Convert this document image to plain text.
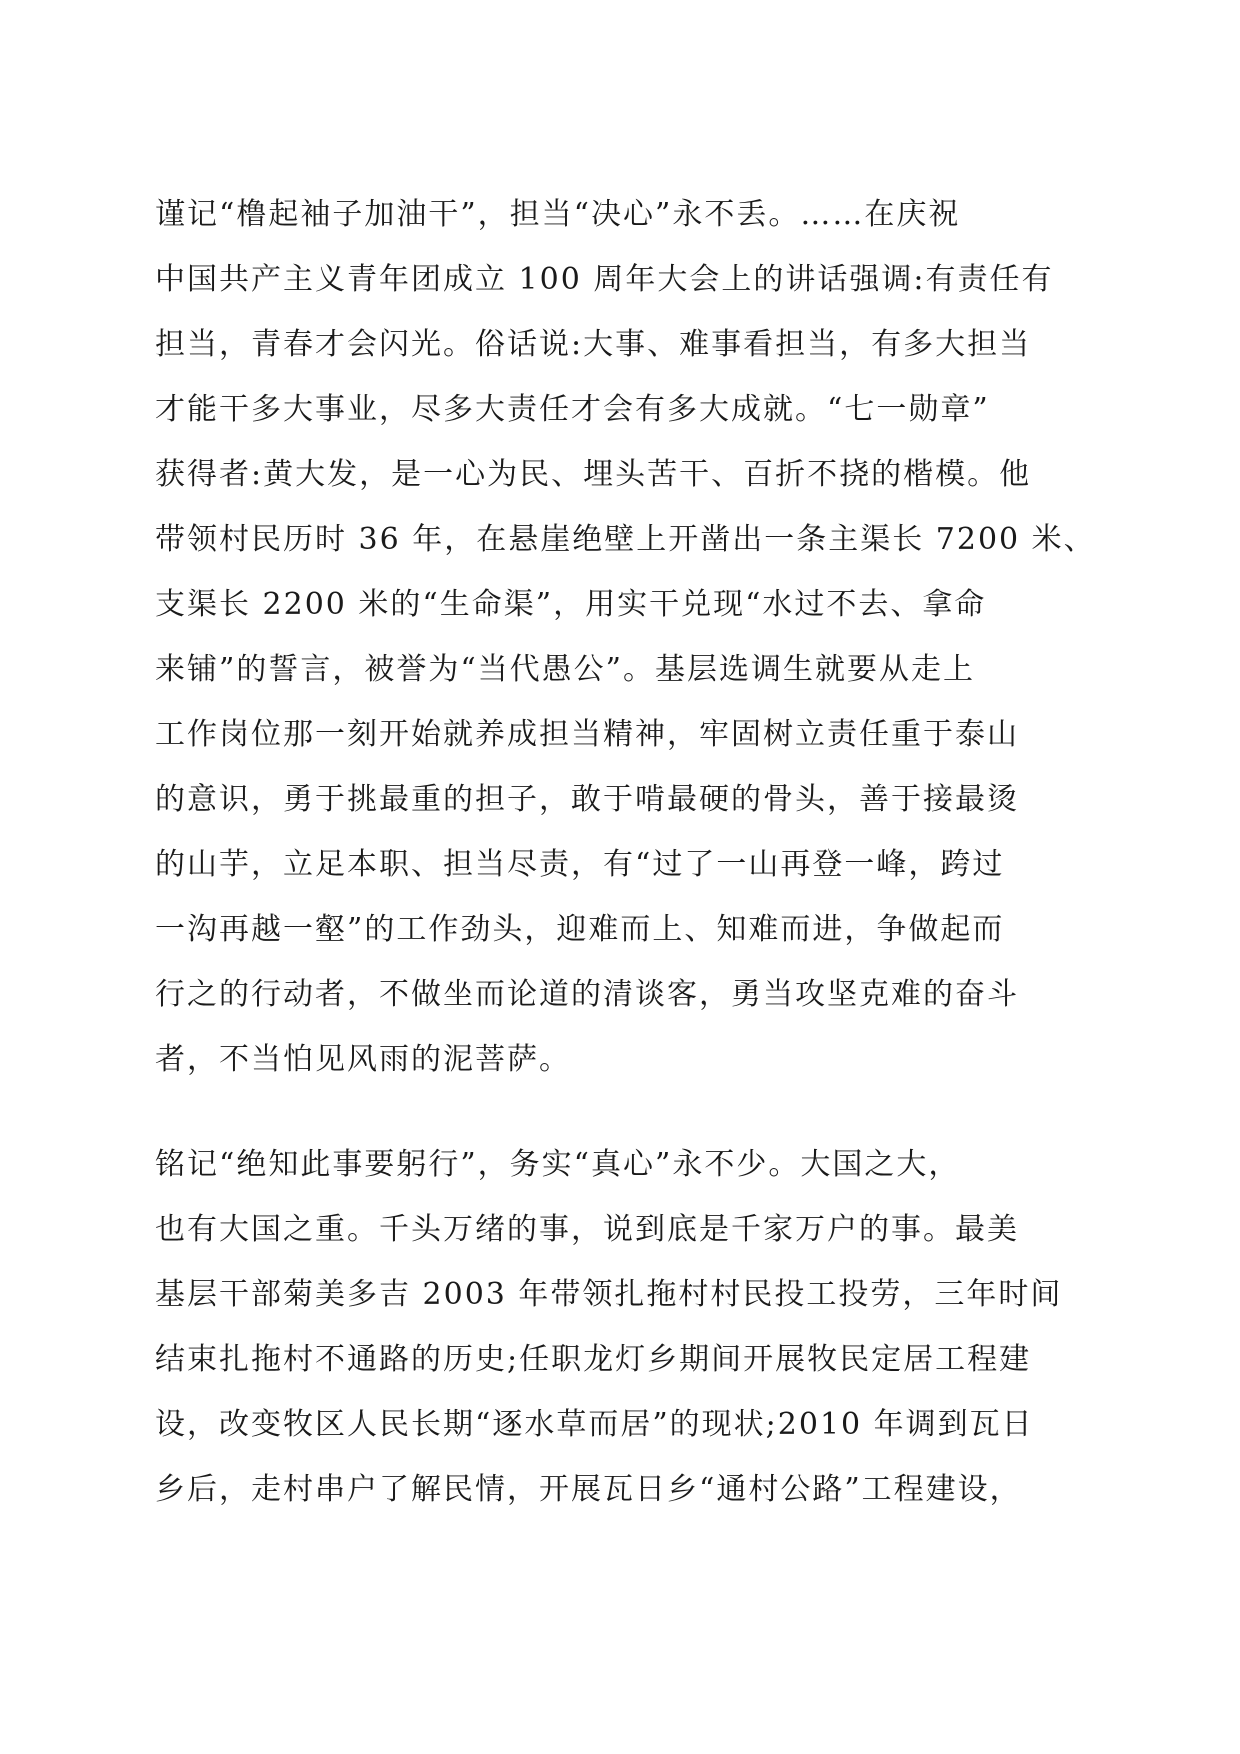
谨记“橹起袖子加油干”，担当“决心”永不丢。……在庆祝
中国共产主义青年团成立 100 周年大会上的讲话强调:有责任有
担当，青春才会闪光。俗话说:大事、难事看担当，有多大担当
才能干多大事业，尽多大责任才会有多大成就。“七一勋章”
获得者:黄大发，是一心为民、埋头苦干、百折不挠的楷模。他
带领村民历时 36 年，在悬崖绝壁上开凿出一条主渠长 7200 米、
支渠长 2200 米的“生命渠”，用实干兑现“水过不去、拿命
来铺”的誓言，被誉为“当代愚公”。基层选调生就要从走上
工作岗位那一刻开始就养成担当精神，牢固树立责任重于泰山
的意识，勇于挑最重的担子，敢于啃最硬的骨头，善于接最烫
的山芋，立足本职、担当尽责，有“过了一山再登一峰，跨过
一沟再越一壑”的工作劲头，迎难而上、知难而进，争做起而
行之的行动者，不做坐而论道的清谈客，勇当攻坚克难的奋斗
者，不当怕见风雨的泥菩萨。
铭记“绝知此事要躬行”，务实“真心”永不少。大国之大，
也有大国之重。千头万绪的事，说到底是千家万户的事。最美
基层干部菊美多吉 2003 年带领扎拖村村民投工投劳，三年时间
结束扎拖村不通路的历史;任职龙灯乡期间开展牧民定居工程建
设，改变牧区人民长期“逐水草而居”的现状;2010 年调到瓦日
乡后，走村串户了解民情，开展瓦日乡“通村公路”工程建设，
